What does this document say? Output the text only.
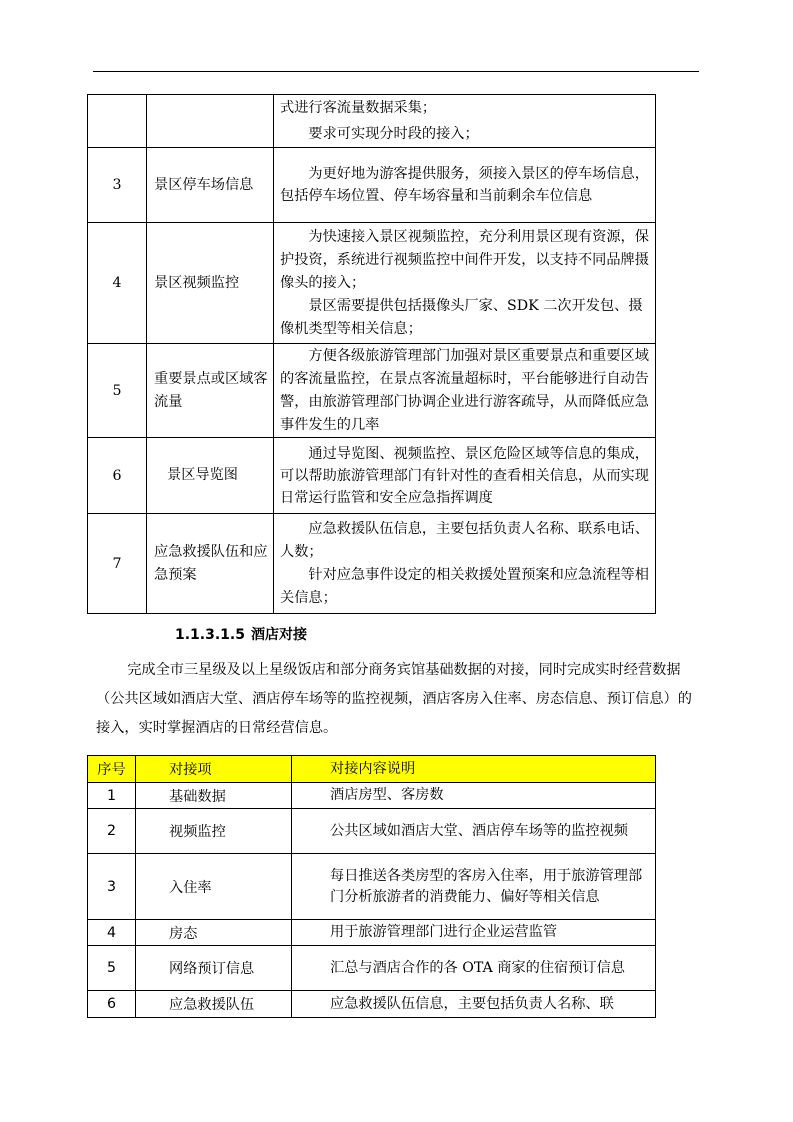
		式进行客流量数据采集；

要求可实现分时段的接入；

3	景区停车场信息	为更好地为游客提供服务，须接入景区的停车场信息，包括停车场位置、停车场容量和当前剩余车位信息

4	景区视频监控	为快速接入景区视频监控，充分利用景区现有资源，保护投资，系统进行视频监控中间件开发，以支持不同品牌摄像头的接入；

景区需要提供包括摄像头厂家、SDK 二次开发包、摄像机类型等相关信息；

5	重要景点或区域客流量	方便各级旅游管理部门加强对景区重要景点和重要区域的客流量监控，在景点客流量超标时，平台能够进行自动告警，由旅游管理部门协调企业进行游客疏导，从而降低应急事件发生的几率

6	景区导览图	通过导览图、视频监控、景区危险区域等信息的集成，可以帮助旅游管理部门有针对性的查看相关信息，从而实现日常运行监管和安全应急指挥调度

7	应急救援队伍和应急预案	应急救援队伍信息，主要包括负责人名称、联系电话、人数；

针对应急事件设定的相关救援处置预案和应急流程等相关信息；

1.1.3.1.5 酒店对接

完成全市三星级及以上星级饭店和部分商务宾馆基础数据的对接，同时完成实时经营数据（公共区域如酒店大堂、酒店停车场等的监控视频，酒店客房入住率、房态信息、预订信息）的接入，实时掌握酒店的日常经营信息。

序号	对接项	对接内容说明
1	基础数据	酒店房型、客房数
2	视频监控	公共区域如酒店大堂、酒店停车场等的监控视频
3	入住率	每日推送各类房型的客房入住率，用于旅游管理部门分析旅游者的消费能力、偏好等相关信息
4	房态	用于旅游管理部门进行企业运营监管
5	网络预订信息	汇总与酒店合作的各 OTA 商家的住宿预订信息
6	应急救援队伍	应急救援队伍信息，主要包括负责人名称、联
